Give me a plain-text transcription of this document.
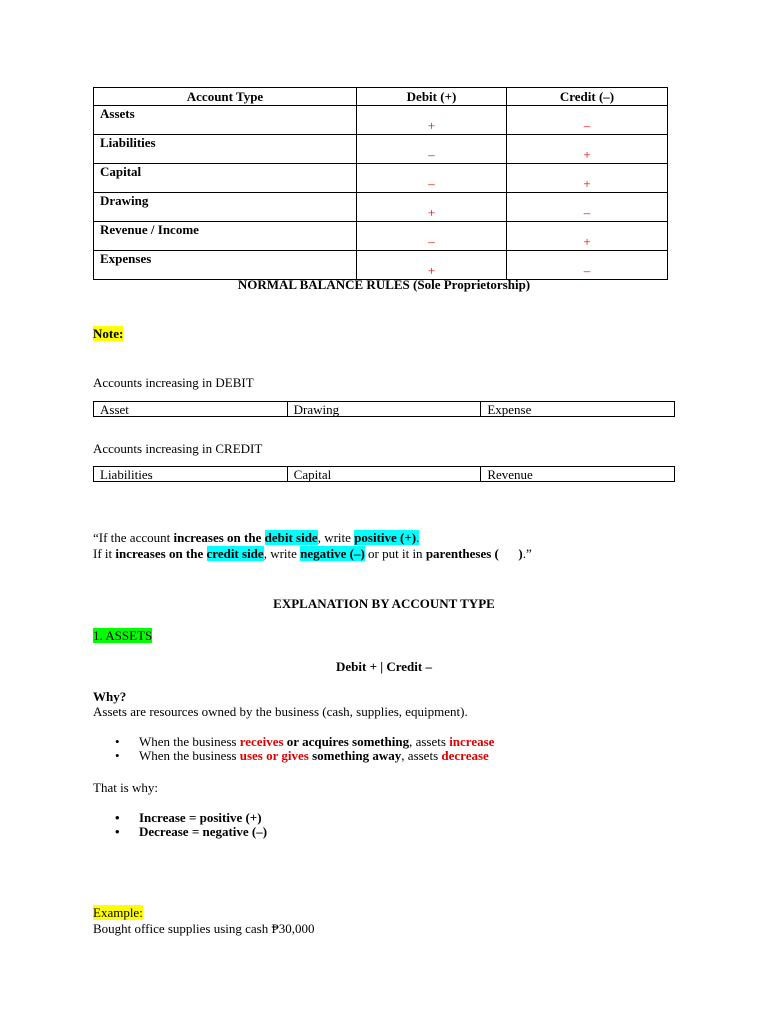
Account Type	Debit (+)	Credit (–)
Assets	+	–
Liabilities	–	+
Capital	–	+
Drawing	+	–
Revenue / Income	–	+
Expenses	+	–
NORMAL BALANCE RULES (Sole Proprietorship)
Note:
Accounts increasing in DEBIT
Asset	Drawing	Expense
Accounts increasing in CREDIT
Liabilities	Capital	Revenue
“If the account increases on the debit side, write positive (+).
If it increases on the credit side, write negative (–) or put it in parentheses (      ).”
EXPLANATION BY ACCOUNT TYPE
1. ASSETS
Debit + | Credit –
Why?
Assets are resources owned by the business (cash, supplies, equipment).
• When the business receives or acquires something, assets increase
• When the business uses or gives something away, assets decrease
That is why:
• Increase = positive (+)
• Decrease = negative (–)
Example:
Bought office supplies using cash ₱30,000
